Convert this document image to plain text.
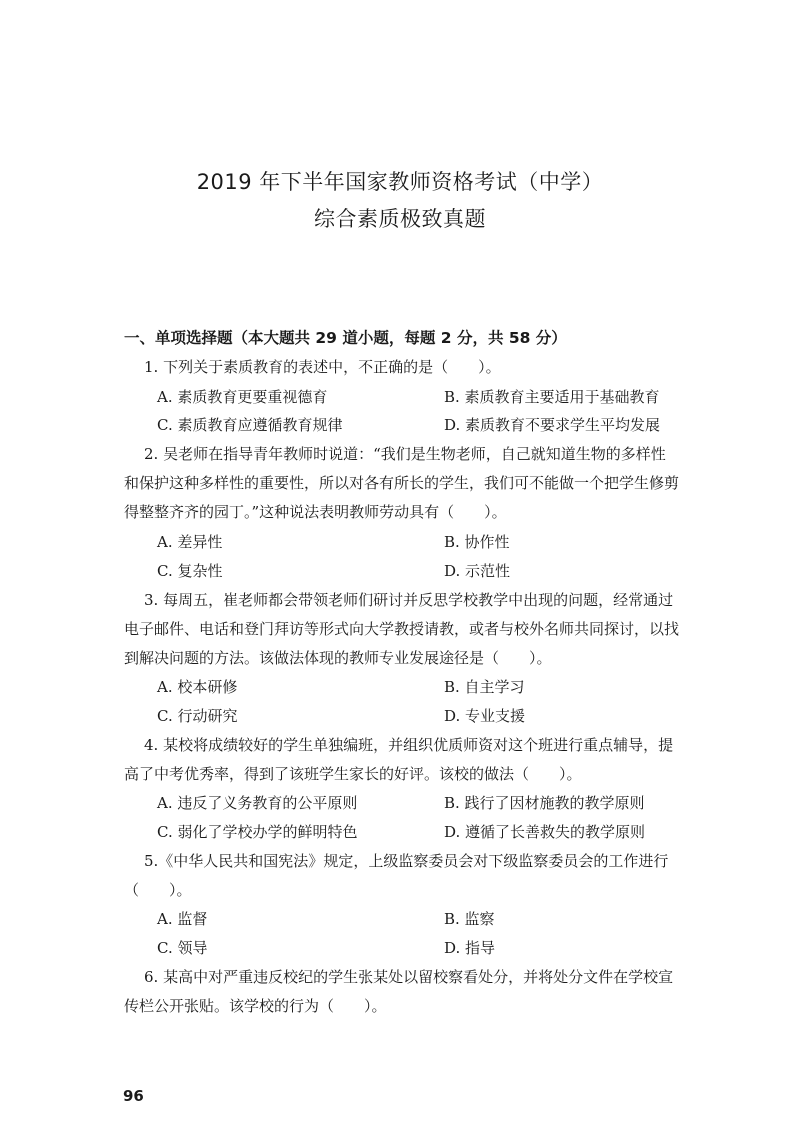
2019 年下半年国家教师资格考试（中学）
综合素质极致真题
一、单项选择题（本大题共 29 道小题，每题 2 分，共 58 分）
1. 下列关于素质教育的表述中，不正确的是（　　）。
A. 素质教育更要重视德育	B. 素质教育主要适用于基础教育
C. 素质教育应遵循教育规律	D. 素质教育不要求学生平均发展
2. 吴老师在指导青年教师时说道：“我们是生物老师，自己就知道生物的多样性
和保护这种多样性的重要性，所以对各有所长的学生，我们可不能做一个把学生修剪
得整整齐齐的园丁。”这种说法表明教师劳动具有（　　）。
A. 差异性	B. 协作性
C. 复杂性	D. 示范性
3. 每周五，崔老师都会带领老师们研讨并反思学校教学中出现的问题，经常通过
电子邮件、电话和登门拜访等形式向大学教授请教，或者与校外名师共同探讨，以找
到解决问题的方法。该做法体现的教师专业发展途径是（　　）。
A. 校本研修	B. 自主学习
C. 行动研究	D. 专业支援
4. 某校将成绩较好的学生单独编班，并组织优质师资对这个班进行重点辅导，提
高了中考优秀率，得到了该班学生家长的好评。该校的做法（　　）。
A. 违反了义务教育的公平原则	B. 践行了因材施教的教学原则
C. 弱化了学校办学的鲜明特色	D. 遵循了长善救失的教学原则
5.《中华人民共和国宪法》规定，上级监察委员会对下级监察委员会的工作进行
（　　）。
A. 监督	B. 监察
C. 领导	D. 指导
6. 某高中对严重违反校纪的学生张某处以留校察看处分，并将处分文件在学校宣
传栏公开张贴。该学校的行为（　　）。
96
